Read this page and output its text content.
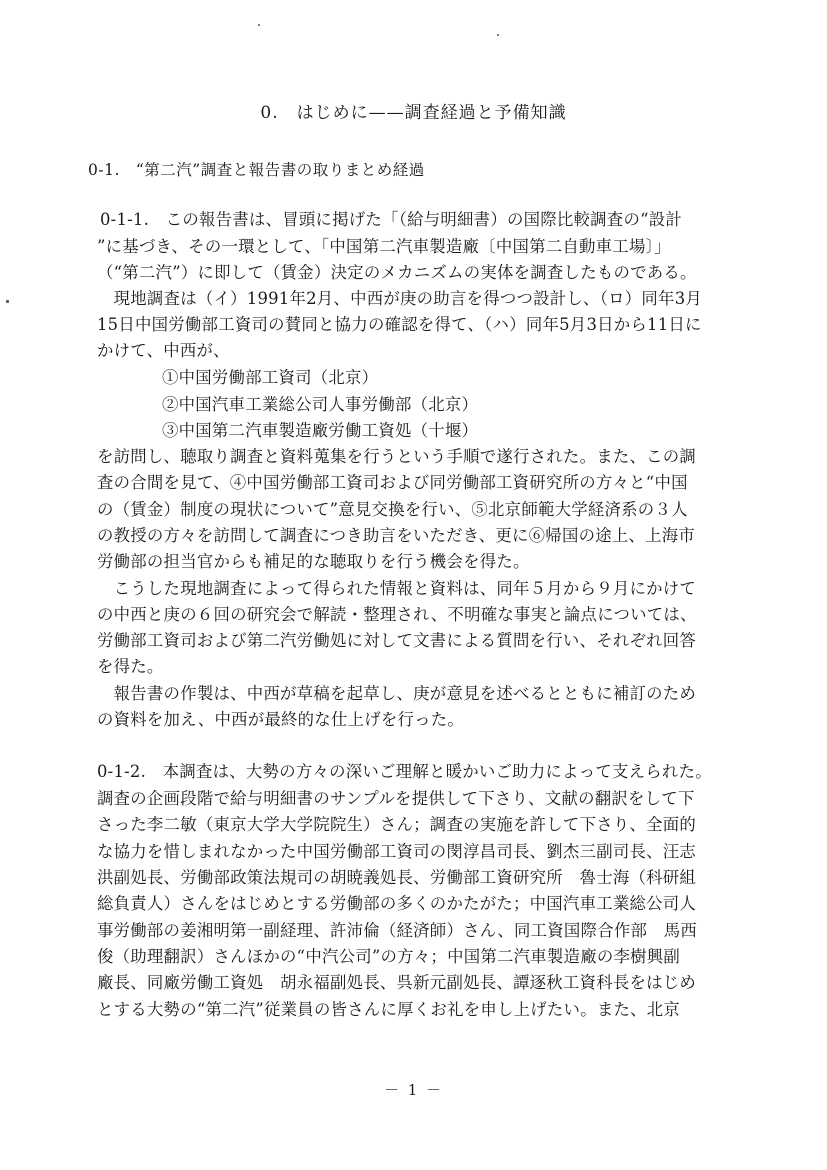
0.　はじめに——調査経過と予備知識
0-1.　“第二汽”調査と報告書の取りまとめ経過
0-1-1.　この報告書は、冒頭に掲げた「（給与明細書）の国際比較調査の“設計
”に基づき、その一環として、「中国第二汽車製造廠〔中国第二自動車工場〕」
（“第二汽”）に即して（賃金）決定のメカニズムの実体を調査したものである。
　現地調査は（イ）1991年2月、中西が庚の助言を得つつ設計し、（ロ）同年3月
15日中国労働部工資司の賛同と協力の確認を得て、（ハ）同年5月3日から11日に
かけて、中西が、
①中国労働部工資司（北京）
②中国汽車工業総公司人事労働部（北京）
③中国第二汽車製造廠労働工資処（十堰）
を訪問し、聴取り調査と資料蒐集を行うという手順で遂行された。また、この調
査の合間を見て、④中国労働部工資司および同労働部工資研究所の方々と“中国
の（賃金）制度の現状について”意見交換を行い、⑤北京師範大学経済系の３人
の教授の方々を訪問して調査につき助言をいただき、更に⑥帰国の途上、上海市
労働部の担当官からも補足的な聴取りを行う機会を得た。
　こうした現地調査によって得られた情報と資料は、同年５月から９月にかけて
の中西と庚の６回の研究会で解読・整理され、不明確な事実と論点については、
労働部工資司および第二汽労働処に対して文書による質問を行い、それぞれ回答
を得た。
　報告書の作製は、中西が草稿を起草し、庚が意見を述べるとともに補訂のため
の資料を加え、中西が最終的な仕上げを行った。
0-1-2.　本調査は、大勢の方々の深いご理解と暖かいご助力によって支えられた。
調査の企画段階で給与明細書のサンプルを提供して下さり、文献の翻訳をして下
さった李二敏（東京大学大学院院生）さん；調査の実施を許して下さり、全面的
な協力を惜しまれなかった中国労働部工資司の閔淳昌司長、劉杰三副司長、汪志
洪副処長、労働部政策法規司の胡暁義処長、労働部工資研究所　魯士海（科研組
総負責人）さんをはじめとする労働部の多くのかたがた；中国汽車工業総公司人
事労働部の姜湘明第一副経理、許沛倫（経済師）さん、同工資国際合作部　馬西
俊（助理翻訳）さんほかの“中汽公司”の方々；中国第二汽車製造廠の李樹興副
廠長、同廠労働工資処　胡永福副処長、呉新元副処長、譚逐秋工資科長をはじめ
とする大勢の“第二汽”従業員の皆さんに厚くお礼を申し上げたい。また、北京
－ 1 －
